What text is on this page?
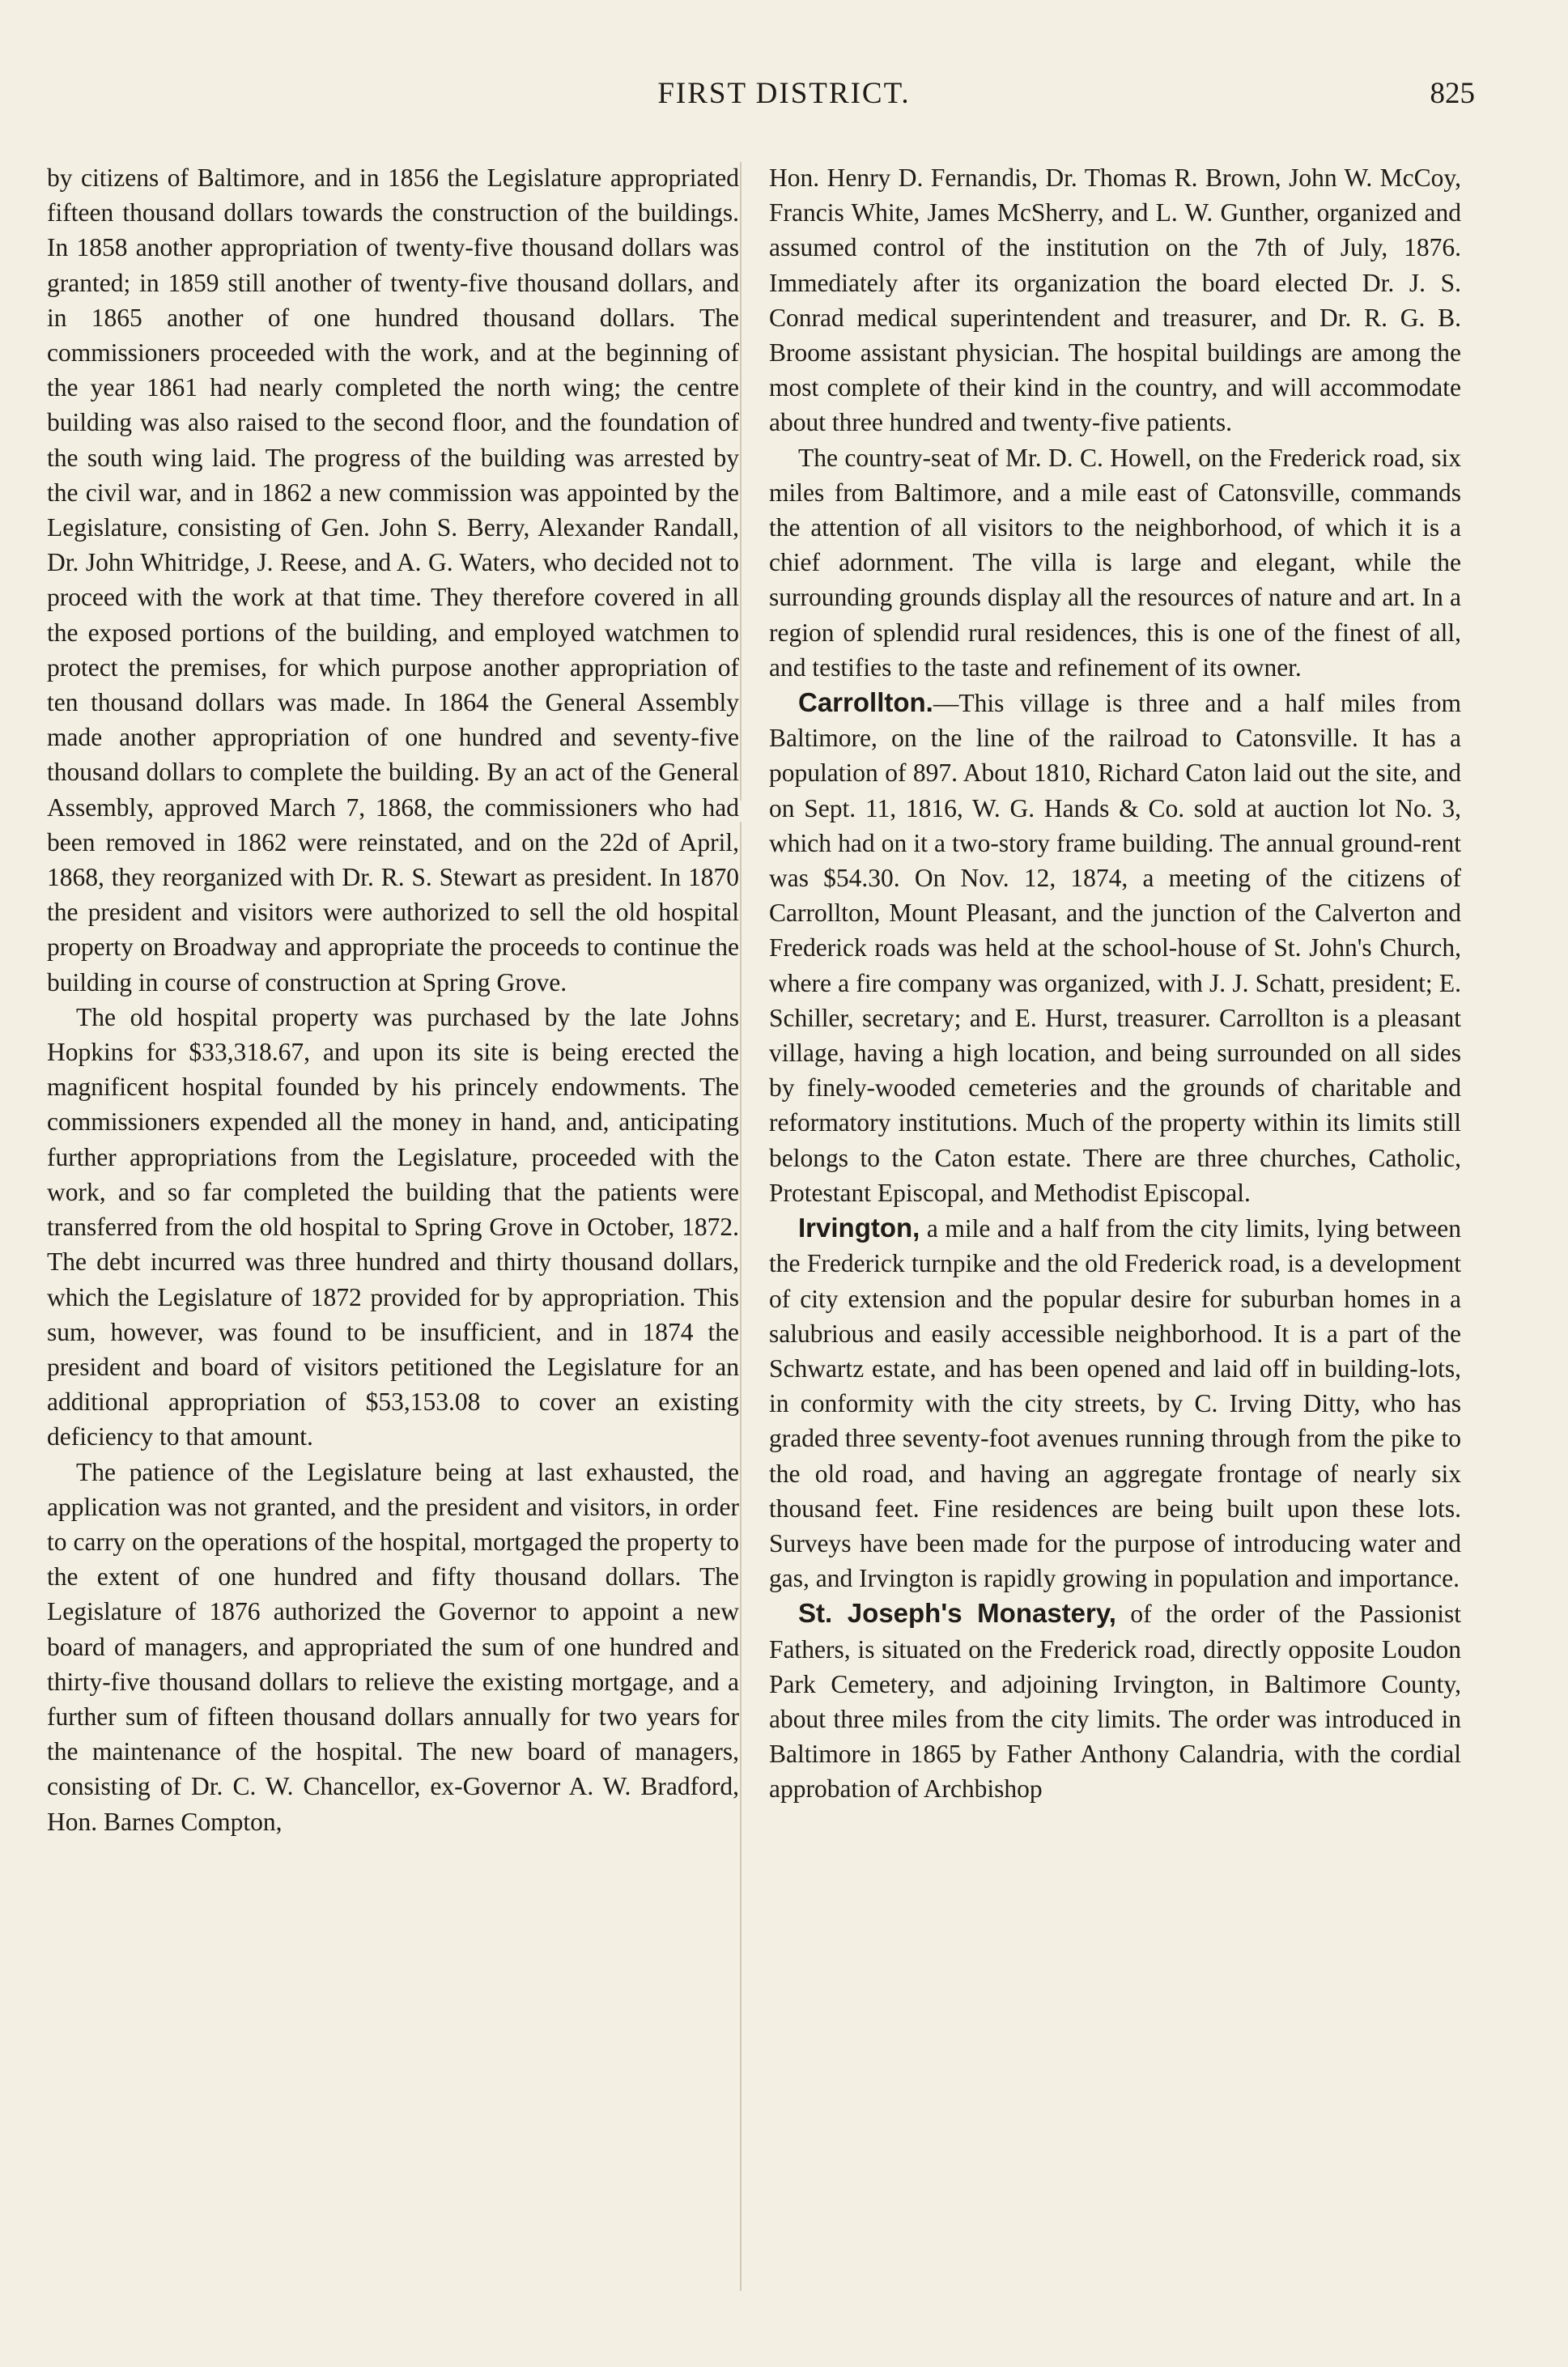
FIRST DISTRICT.	825

by citizens of Baltimore, and in 1856 the Legislature appropriated fifteen thousand dollars towards the construction of the buildings. In 1858 another appropriation of twenty-five thousand dollars was granted; in 1859 still another of twenty-five thousand dollars, and in 1865 another of one hundred thousand dollars. The commissioners proceeded with the work, and at the beginning of the year 1861 had nearly completed the north wing; the centre building was also raised to the second floor, and the foundation of the south wing laid. The progress of the building was arrested by the civil war, and in 1862 a new commission was appointed by the Legislature, consisting of Gen. John S. Berry, Alexander Randall, Dr. John Whitridge, J. Reese, and A. G. Waters, who decided not to proceed with the work at that time. They therefore covered in all the exposed portions of the building, and employed watchmen to protect the premises, for which purpose another appropriation of ten thousand dollars was made. In 1864 the General Assembly made another appropriation of one hundred and seventy-five thousand dollars to complete the building. By an act of the General Assembly, approved March 7, 1868, the commissioners who had been removed in 1862 were reinstated, and on the 22d of April, 1868, they reorganized with Dr. R. S. Stewart as president. In 1870 the president and visitors were authorized to sell the old hospital property on Broadway and appropriate the proceeds to continue the building in course of construction at Spring Grove.

The old hospital property was purchased by the late Johns Hopkins for $33,318.67, and upon its site is being erected the magnificent hospital founded by his princely endowments. The commissioners expended all the money in hand, and, anticipating further appropriations from the Legislature, proceeded with the work, and so far completed the building that the patients were transferred from the old hospital to Spring Grove in October, 1872. The debt incurred was three hundred and thirty thousand dollars, which the Legislature of 1872 provided for by appropriation. This sum, however, was found to be insufficient, and in 1874 the president and board of visitors petitioned the Legislature for an additional appropriation of $53,153.08 to cover an existing deficiency to that amount.

The patience of the Legislature being at last exhausted, the application was not granted, and the president and visitors, in order to carry on the operations of the hospital, mortgaged the property to the extent of one hundred and fifty thousand dollars. The Legislature of 1876 authorized the Governor to appoint a new board of managers, and appropriated the sum of one hundred and thirty-five thousand dollars to relieve the existing mortgage, and a further sum of fifteen thousand dollars annually for two years for the maintenance of the hospital. The new board of managers, consisting of Dr. C. W. Chancellor, ex-Governor A. W. Bradford, Hon. Barnes Compton,

Hon. Henry D. Fernandis, Dr. Thomas R. Brown, John W. McCoy, Francis White, James McSherry, and L. W. Gunther, organized and assumed control of the institution on the 7th of July, 1876. Immediately after its organization the board elected Dr. J. S. Conrad medical superintendent and treasurer, and Dr. R. G. B. Broome assistant physician. The hospital buildings are among the most complete of their kind in the country, and will accommodate about three hundred and twenty-five patients.

The country-seat of Mr. D. C. Howell, on the Frederick road, six miles from Baltimore, and a mile east of Catonsville, commands the attention of all visitors to the neighborhood, of which it is a chief adornment. The villa is large and elegant, while the surrounding grounds display all the resources of nature and art. In a region of splendid rural residences, this is one of the finest of all, and testifies to the taste and refinement of its owner.

Carrollton.—This village is three and a half miles from Baltimore, on the line of the railroad to Catonsville. It has a population of 897. About 1810, Richard Caton laid out the site, and on Sept. 11, 1816, W. G. Hands & Co. sold at auction lot No. 3, which had on it a two-story frame building. The annual ground-rent was $54.30. On Nov. 12, 1874, a meeting of the citizens of Carrollton, Mount Pleasant, and the junction of the Calverton and Frederick roads was held at the school-house of St. John's Church, where a fire company was organized, with J. J. Schatt, president; E. Schiller, secretary; and E. Hurst, treasurer. Carrollton is a pleasant village, having a high location, and being surrounded on all sides by finely-wooded cemeteries and the grounds of charitable and reformatory institutions. Much of the property within its limits still belongs to the Caton estate. There are three churches, Catholic, Protestant Episcopal, and Methodist Episcopal.

Irvington, a mile and a half from the city limits, lying between the Frederick turnpike and the old Frederick road, is a development of city extension and the popular desire for suburban homes in a salubrious and easily accessible neighborhood. It is a part of the Schwartz estate, and has been opened and laid off in building-lots, in conformity with the city streets, by C. Irving Ditty, who has graded three seventy-foot avenues running through from the pike to the old road, and having an aggregate frontage of nearly six thousand feet. Fine residences are being built upon these lots. Surveys have been made for the purpose of introducing water and gas, and Irvington is rapidly growing in population and importance.

St. Joseph's Monastery, of the order of the Passionist Fathers, is situated on the Frederick road, directly opposite Loudon Park Cemetery, and adjoining Irvington, in Baltimore County, about three miles from the city limits. The order was introduced in Baltimore in 1865 by Father Anthony Calandria, with the cordial approbation of Archbishop
